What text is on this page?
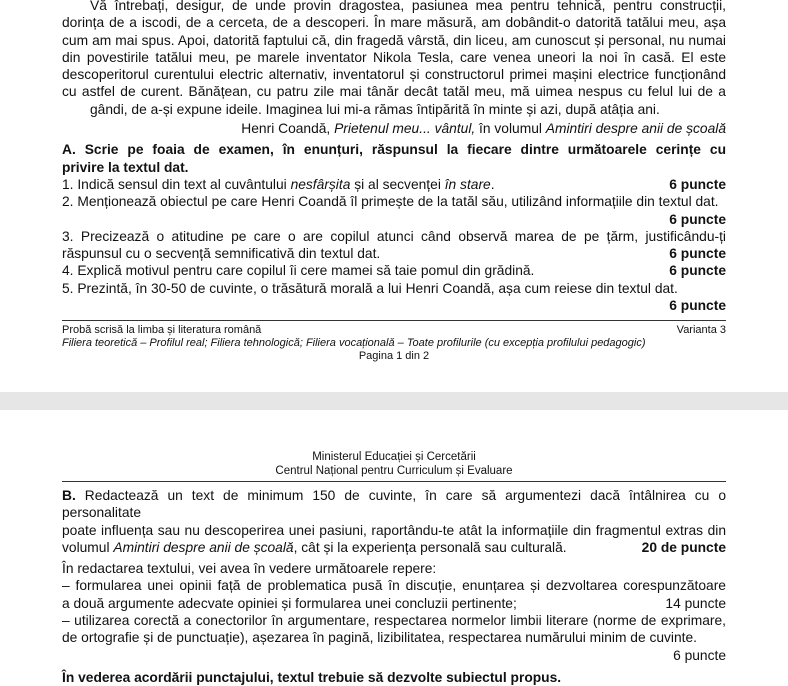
Vă întrebați, desigur, de unde provin dragostea, pasiunea mea pentru tehnică, pentru construcții,

dorința de a iscodi, de a cerceta, de a descoperi. În mare măsură, am dobândit-o datorită tatălui meu, așa

cum am mai spus. Apoi, datorită faptului că, din fragedă vârstă, din liceu, am cunoscut și personal, nu numai

din povestirile tatălui meu, pe marele inventator Nikola Tesla, care venea uneori la noi în casă. El este

descoperitorul curentului electric alternativ, inventatorul și constructorul primei mașini electrice funcționând

cu astfel de curent. Bănățean, cu patru zile mai tânăr decât tatăl meu, mă uimea nespus cu felul lui de a

gândi, de a-și expune ideile. Imaginea lui mi-a rămas întipărită în minte și azi, după atâția ani.

Henri Coandă, Prietenul meu... vântul, în volumul Amintiri despre anii de școală

A. Scrie pe foaia de examen, în enunțuri, răspunsul la fiecare dintre următoarele cerințe cu

privire la textul dat.

1. Indică sensul din text al cuvântului nesfârșita și al secvenței în stare.	6 puncte

2. Menționează obiectul pe care Henri Coandă îl primește de la tatăl său, utilizând informațiile din textul dat.

6 puncte

3. Precizează o atitudine pe care o are copilul atunci când observă marea de pe țărm, justificându-ți

răspunsul cu o secvență semnificativă din textul dat.	6 puncte
4. Explică motivul pentru care copilul îi cere mamei să taie pomul din grădină.	6 puncte

5. Prezintă, în 30-50 de cuvinte, o trăsătură morală a lui Henri Coandă, așa cum reiese din textul dat.

6 puncte

Probă scrisă la limba și literatura română	Varianta 3

Filiera teoretică – Profilul real; Filiera tehnologică; Filiera vocațională – Toate profilurile (cu excepția profilului pedagogic)

Pagina 1 din 2

Ministerul Educației și Cercetării

Centrul Național pentru Curriculum și Evaluare

B. Redactează un text de minimum 150 de cuvinte, în care să argumentezi dacă întâlnirea cu o personalitate

poate influența sau nu descoperirea unei pasiuni, raportându-te atât la informațiile din fragmentul extras din

volumul Amintiri despre anii de școală, cât și la experiența personală sau culturală.	20 de puncte

În redactarea textului, vei avea în vedere următoarele repere:

– formularea unei opinii față de problematica pusă în discuție, enunțarea și dezvoltarea corespunzătoare

a două argumente adecvate opiniei și formularea unei concluzii pertinente;	14 puncte

– utilizarea corectă a conectorilor în argumentare, respectarea normelor limbii literare (norme de exprimare,

de ortografie și de punctuație), așezarea în pagină, lizibilitatea, respectarea numărului minim de cuvinte.

6 puncte

În vederea acordării punctajului, textul trebuie să dezvolte subiectul propus.
